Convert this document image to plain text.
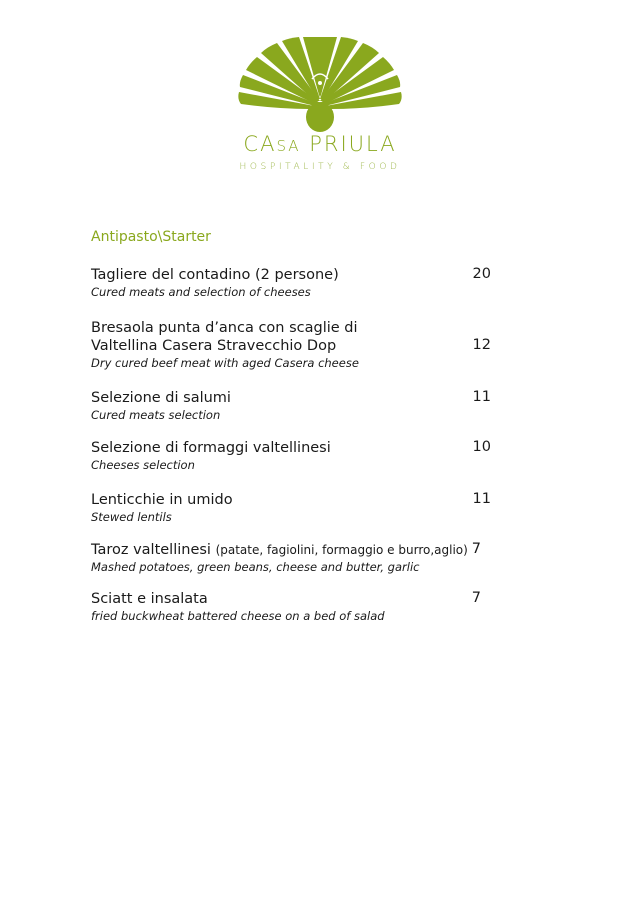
CASA PRIULA
HOSPITALITY & FOOD
Antipasto\Starter
Tagliere del contadino (2 persone)
Cured meats and selection of cheeses
20
Bresaola punta d’anca con scaglie di
Valtellina Casera Stravecchio Dop
Dry cured beef meat with aged Casera cheese
12
Selezione di salumi
Cured meats selection
11
Selezione di formaggi valtellinesi
Cheeses selection
10
Lenticchie in umido
Stewed lentils
11
Taroz valtellinesi (patate, fagiolini, formaggio e burro,aglio)
Mashed potatoes, green beans, cheese and butter, garlic
7
Sciatt e insalata
fried buckwheat battered cheese on a bed of salad
7
